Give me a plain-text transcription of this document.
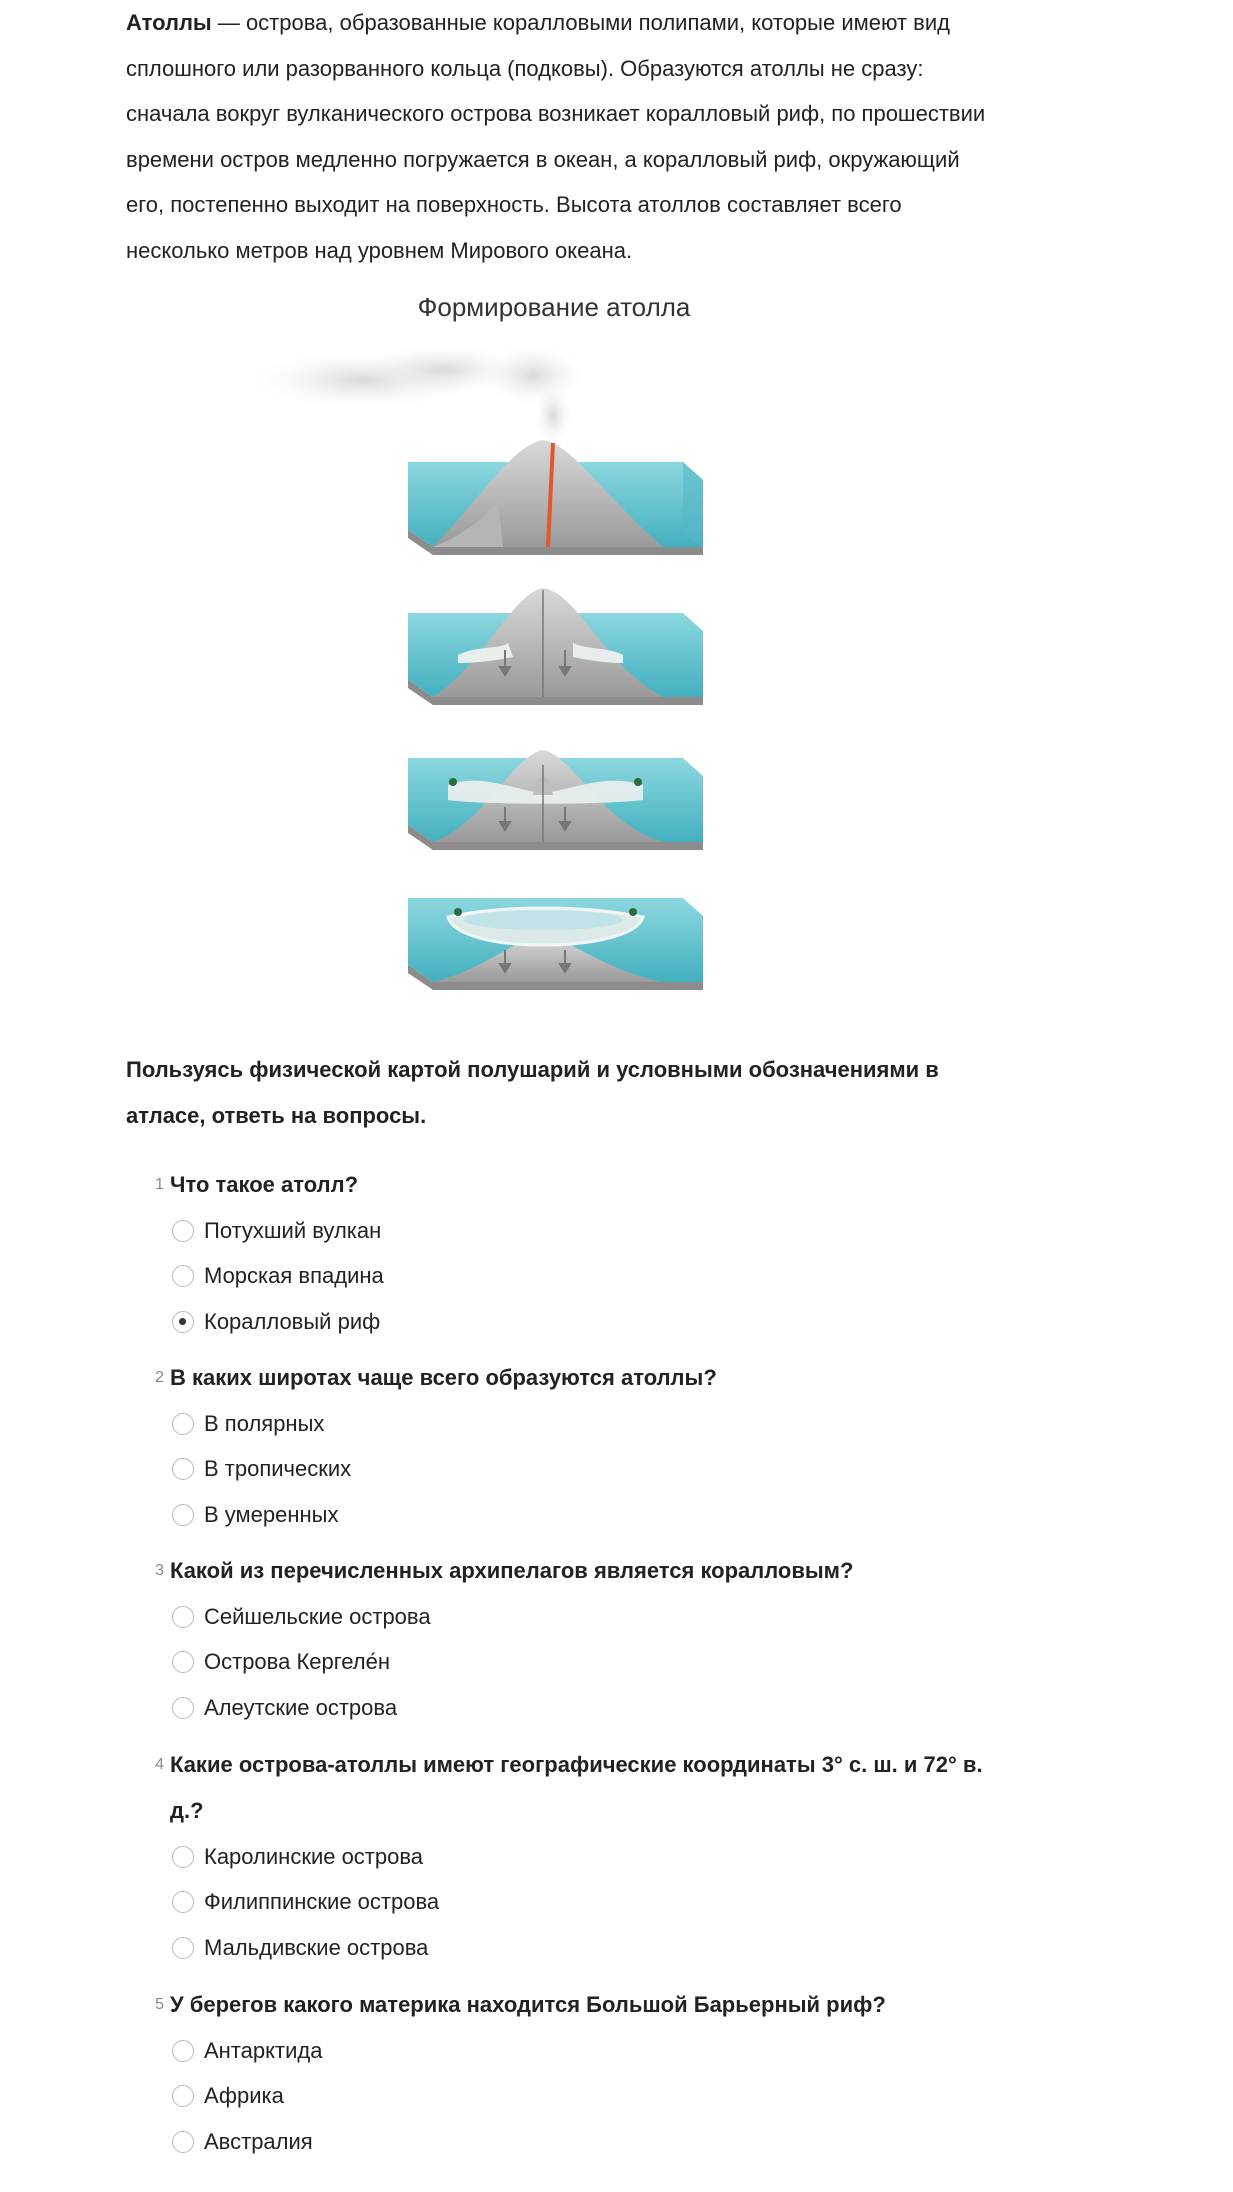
Атоллы — острова, образованные коралловыми полипами, которые имеют вид сплошного или разорванного кольца (подковы). Образуются атоллы не сразу: сначала вокруг вулканического острова возникает коралловый риф, по прошествии времени остров медленно погружается в океан, а коралловый риф, окружающий его, постепенно выходит на поверхность. Высота атоллов составляет всего несколько метров над уровнем Мирового океана.

Формирование атолла

Пользуясь физической картой полушарий и условными обозначениями в атласе, ответь на вопросы.

1 Что такое атолл?
Потухший вулкан
Морская впадина
Коралловый риф
2 В каких широтах чаще всего образуются атоллы?
В полярных
В тропических
В умеренных
3 Какой из перечисленных архипелагов является коралловым?
Сейшельские острова
Острова Кергеле́н
Алеутские острова
4 Какие острова-атоллы имеют географические координаты 3° с. ш. и 72° в. д.?
Каролинские острова
Филиппинские острова
Мальдивские острова
5 У берегов какого материка находится Большой Барьерный риф?
Антарктида
Африка
Австралия
